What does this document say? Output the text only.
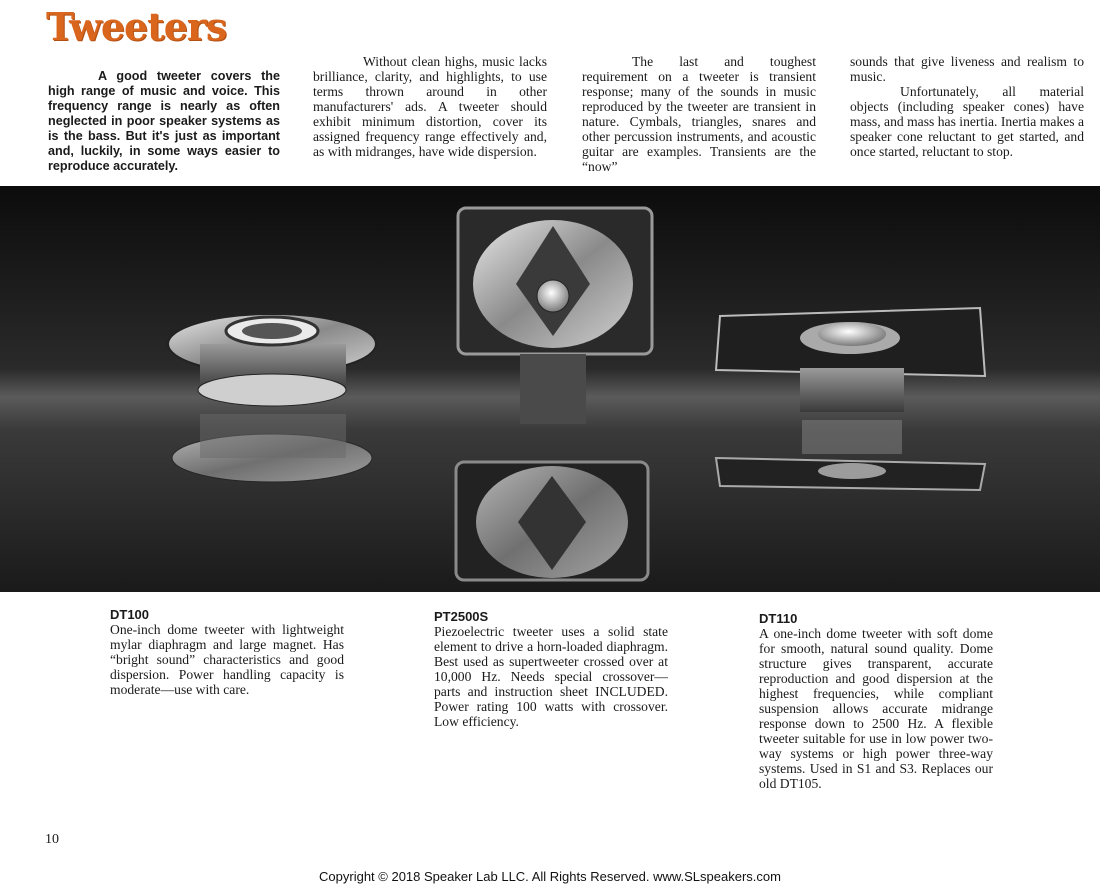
Tweeters

A good tweeter covers the high range of music and voice. This frequency range is nearly as often neglected in poor speaker systems as is the bass. But it's just as important and, luckily, in some ways easier to reproduce accurately.

Without clean highs, music lacks brilliance, clarity, and highlights, to use terms thrown around in other manufacturers' ads. A tweeter should exhibit minimum distortion, cover its assigned frequency range effectively and, as with midranges, have wide dispersion.

The last and toughest requirement on a tweeter is transient response; many of the sounds in music reproduced by the tweeter are transient in nature. Cymbals, triangles, snares and other percussion instruments, and acoustic guitar are examples. Transients are the “now”

sounds that give liveness and realism to music.

Unfortunately, all material objects (including speaker cones) have mass, and mass has inertia. Inertia makes a speaker cone reluctant to get started, and once started, reluctant to stop.

DT100
One-inch dome tweeter with lightweight mylar diaphragm and large magnet. Has “bright sound” characteristics and good dispersion. Power handling capacity is moderate—use with care.
PT2500S
Piezoelectric tweeter uses a solid state element to drive a horn-loaded diaphragm. Best used as supertweeter crossed over at 10,000 Hz. Needs special crossover—parts and instruction sheet INCLUDED. Power rating 100 watts with crossover. Low efficiency.
DT110
A one-inch dome tweeter with soft dome for smooth, natural sound quality. Dome structure gives transparent, accurate reproduction and good dispersion at the highest frequencies, while compliant suspension allows accurate midrange response down to 2500 Hz. A flexible tweeter suitable for use in low power two-way systems or high power three-way systems. Used in S1 and S3. Replaces our old DT105.
10
Copyright © 2018 Speaker Lab LLC. All Rights Reserved. www.SLspeakers.com
